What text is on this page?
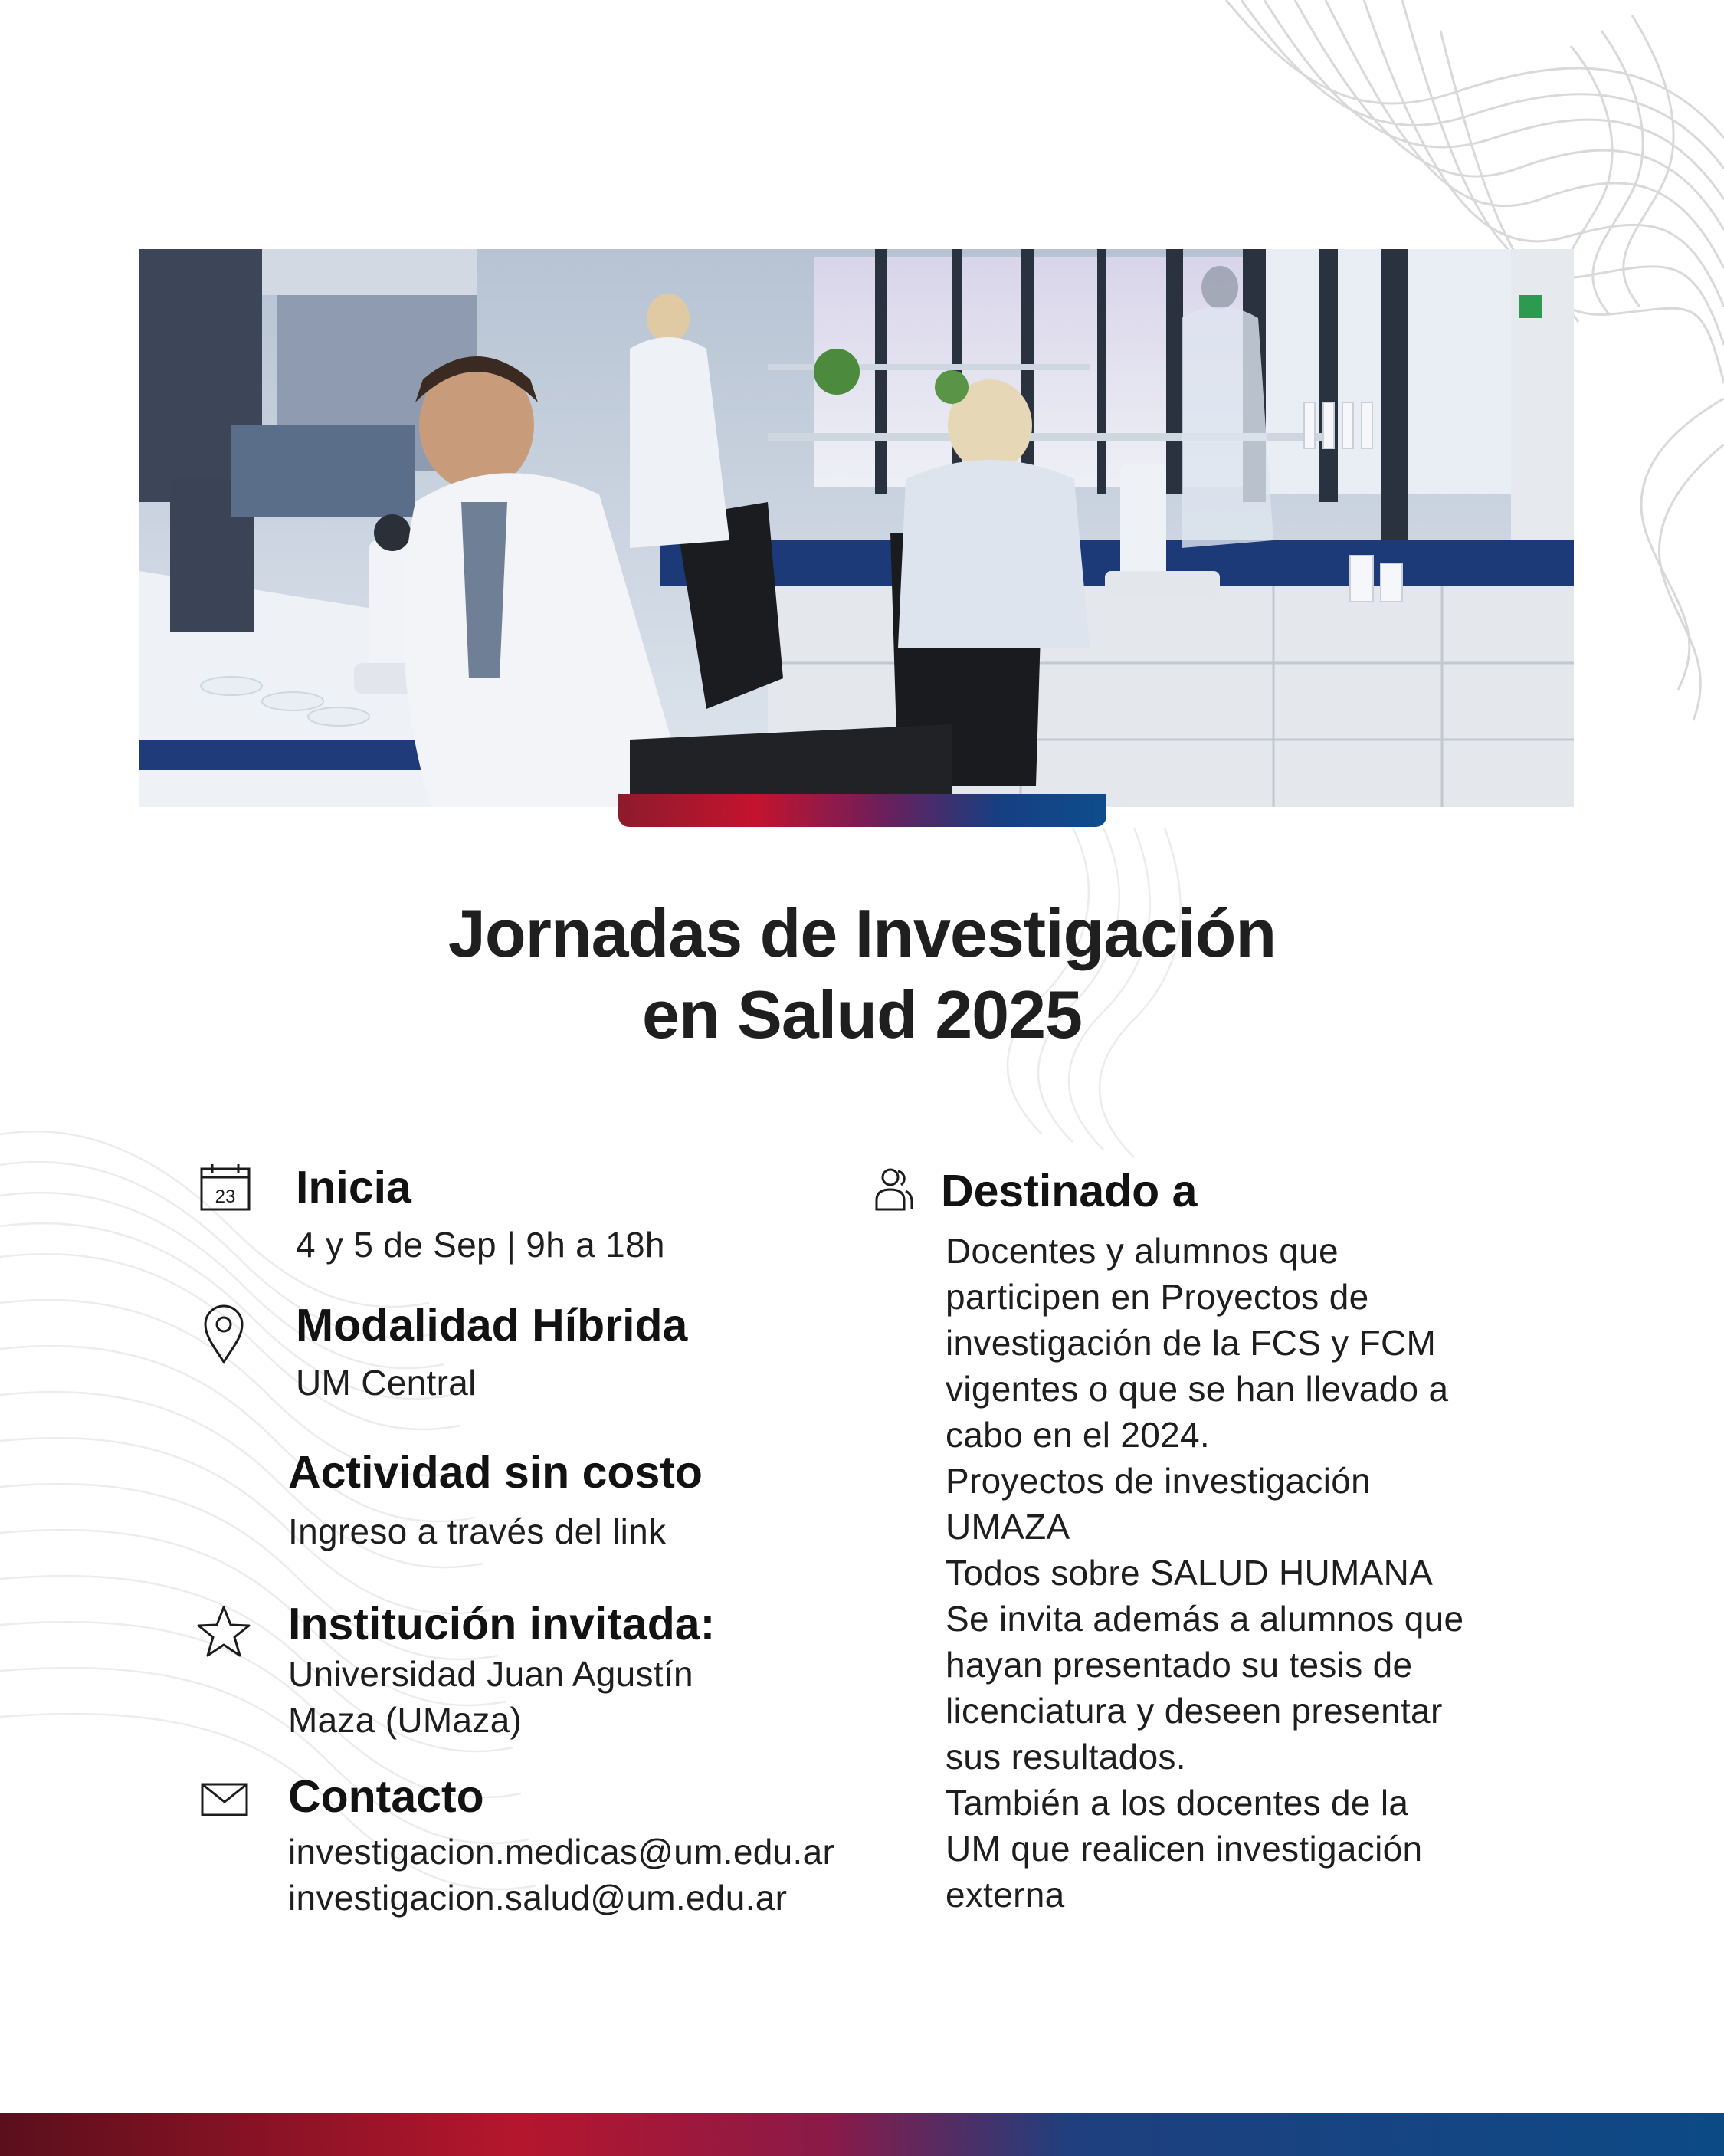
Jornadas de Investigación
en Salud 2025
23 Inicia
4 y 5 de Sep | 9h a 18h
Modalidad Híbrida
UM Central
Actividad sin costo
Ingreso a través del link
Institución invitada:
Universidad Juan Agustín
Maza (UMaza)
Contacto
investigacion.medicas@um.edu.ar
investigacion.salud@um.edu.ar
Destinado a
Docentes y alumnos que
participen en Proyectos de
investigación de la FCS y FCM
vigentes o que se han llevado a
cabo en el 2024.
Proyectos de investigación
UMAZA
Todos sobre SALUD HUMANA
Se invita además a alumnos que
hayan presentado su tesis de
licenciatura y deseen presentar
sus resultados.
También a los docentes de la
UM que realicen investigación
externa
